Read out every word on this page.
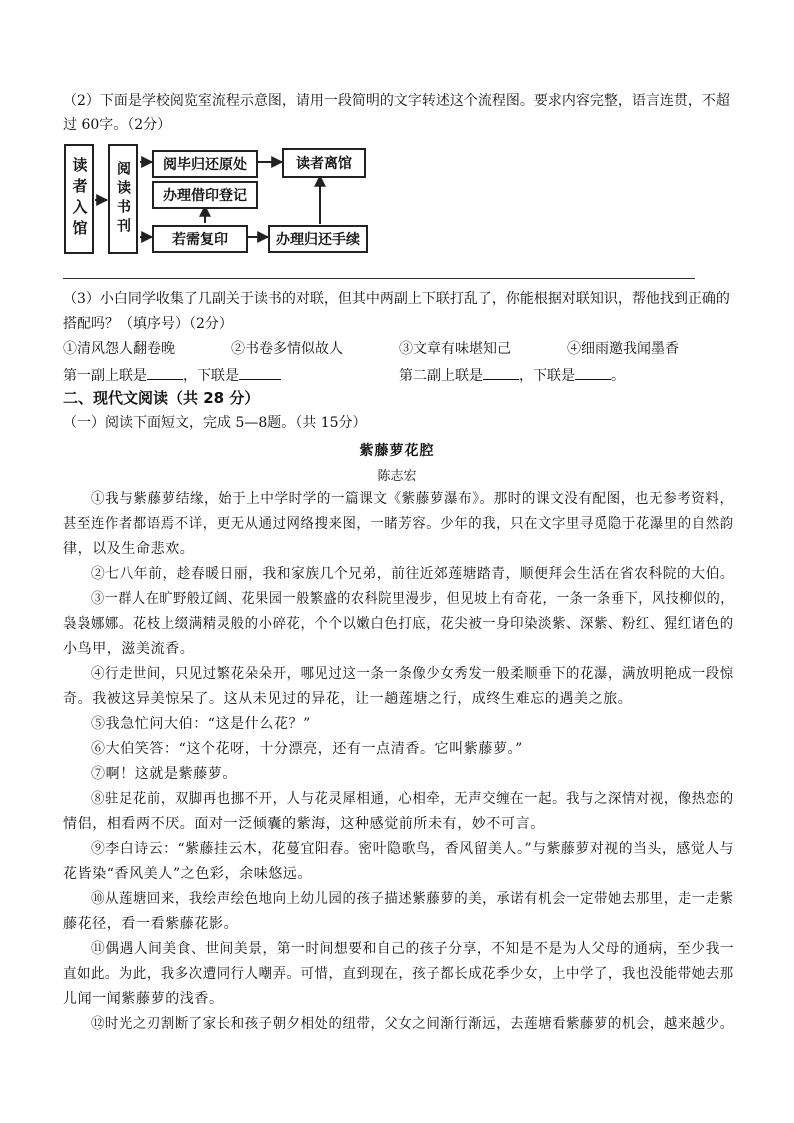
（2）下面是学校阅览室流程示意图，请用一段简明的文字转述这个流程图。要求内容完整，语言连贯，不超
过 60字。（2分）
读者入馆 阅读书刊 阅毕归还原处	读者离馆
办理借印登记
若需复印	办理归还手续
（3）小白同学收集了几副关于读书的对联，但其中两副上下联打乱了，你能根据对联知识，帮他找到正确的
搭配吗？（填序号）（2分）
①清风怨人翻卷晚	②书卷多情似故人	③文章有味堪知己	④细雨邀我闻墨香
第一副上联是	，下联是	第二副上联是	，下联是	。
二、现代文阅读（共 28 分）
（一）阅读下面短文，完成 5—8题。（共 15分）
紫藤萝花腔
陈志宏
①我与紫藤萝结缘，始于上中学时学的一篇课文《紫藤萝瀑布》。那时的课文没有配图，也无参考资料，
甚至连作者都语焉不详，更无从通过网络搜来图，一睹芳容。少年的我，只在文字里寻觅隐于花瀑里的自然韵
律，以及生命悲欢。
②七八年前，趁春暖日丽，我和家族几个兄弟，前往近郊莲塘踏青，顺便拜会生活在省农科院的大伯。
③一群人在旷野般辽阔、花果园一般繁盛的农科院里漫步，但见坡上有奇花，一条一条垂下，风技柳似的，
袅袅娜娜。花枝上缀满精灵般的小碎花，个个以嫩白色打底，花尖被一身印染淡紫、深紫、粉红、猩红诸色的
小鸟甲，滋美流香。
④行走世间，只见过繁花朵朵开，哪见过这一条一条像少女秀发一般柔顺垂下的花瀑，满放明艳成一段惊
奇。我被这异美惊呆了。这从未见过的异花，让一趟莲塘之行，成终生难忘的遇美之旅。
⑤我急忙问大伯：“这是什么花？”
⑥大伯笑答：“这个花呀，十分漂亮，还有一点清香。它叫紫藤萝。”
⑦啊！这就是紫藤萝。
⑧驻足花前，双脚再也挪不开，人与花灵犀相通，心相牵，无声交缠在一起。我与之深情对视，像热恋的
情侣，相看两不厌。面对一泛倾囊的紫海，这种感觉前所未有，妙不可言。
⑨李白诗云：“紫藤挂云木，花蔓宜阳春。密叶隐歌鸟，香风留美人。”与紫藤萝对视的当头，感觉人与
花皆染“香风美人”之色彩，余味悠远。
⑩从莲塘回来，我绘声绘色地向上幼儿园的孩子描述紫藤萝的美，承诺有机会一定带她去那里，走一走紫
藤花径，看一看紫藤花影。
⑪偶遇人间美食、世间美景，第一时间想要和自己的孩子分享，不知是不是为人父母的通病，至少我一
直如此。为此，我多次遭同行人嘲弄。可惜，直到现在，孩子都长成花季少女，上中学了，我也没能带她去那
儿闻一闻紫藤萝的浅香。
⑫时光之刃割断了家长和孩子朝夕相处的纽带，父女之间渐行渐远，去莲塘看紫藤萝的机会，越来越少。
